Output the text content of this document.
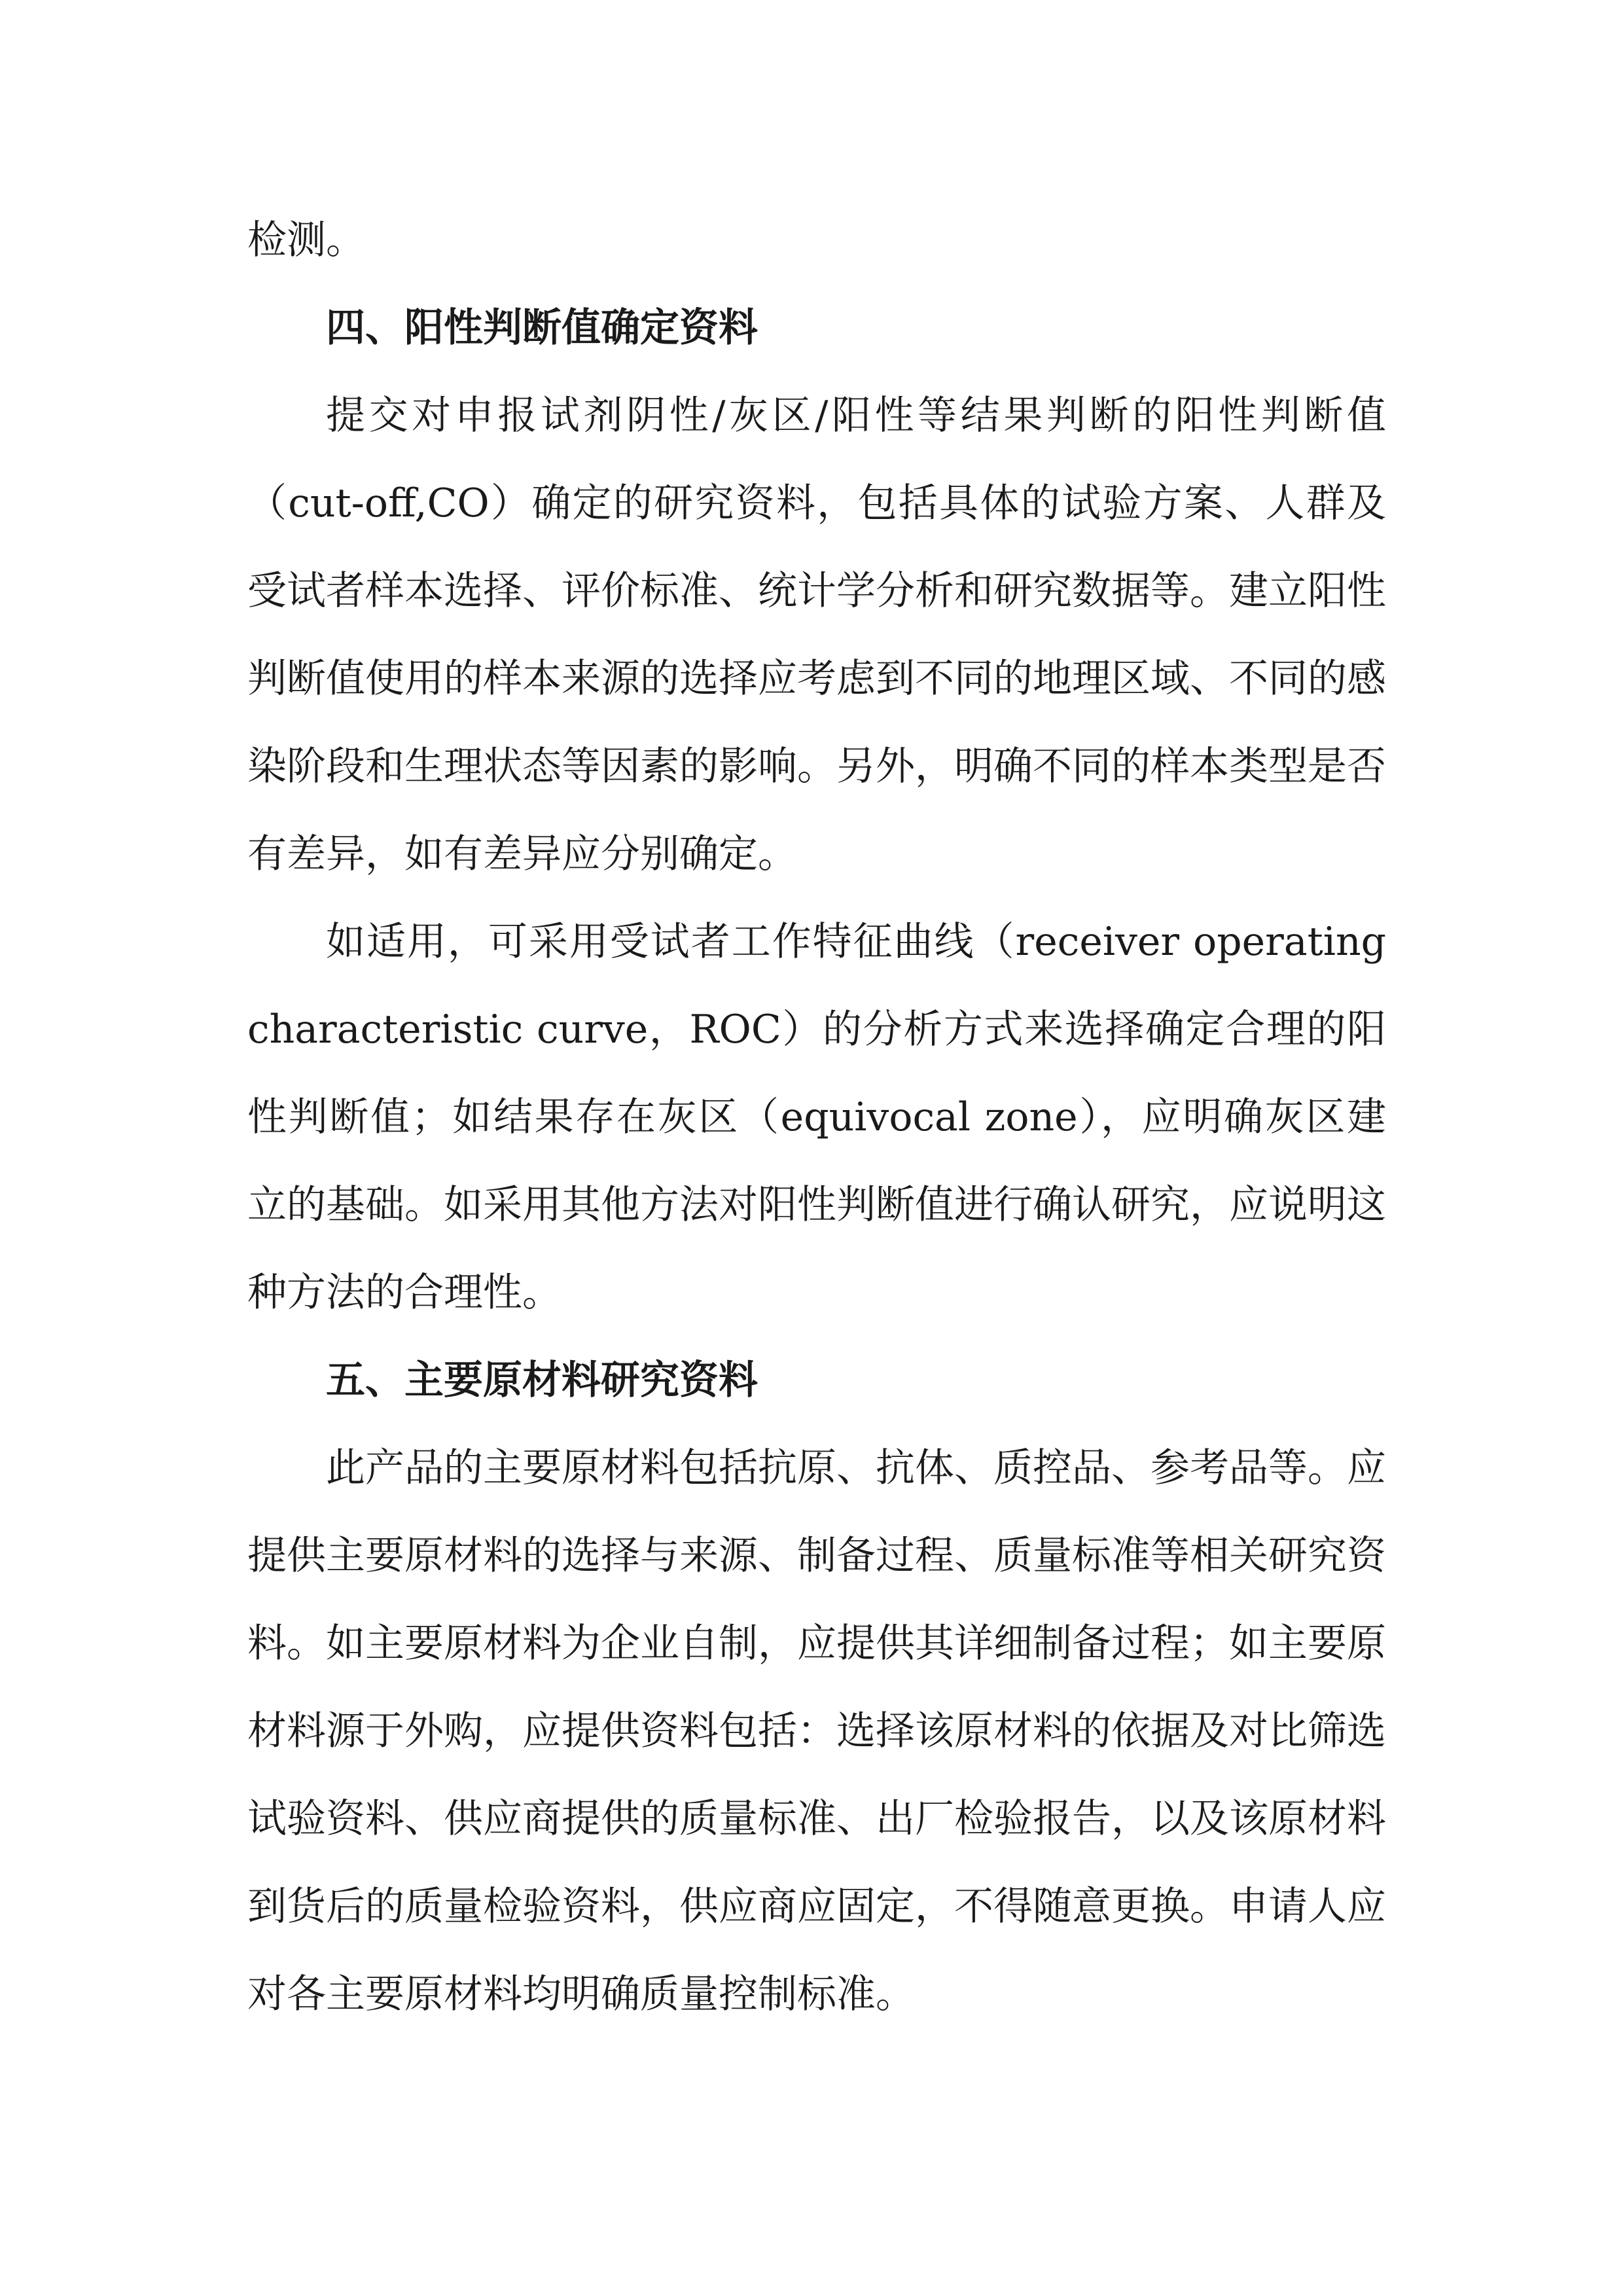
检测。

四、阳性判断值确定资料

提交对申报试剂阴性/灰区/阳性等结果判断的阳性判断值（cut-off,CO）确定的研究资料，包括具体的试验方案、人群及受试者样本选择、评价标准、统计学分析和研究数据等。建立阳性判断值使用的样本来源的选择应考虑到不同的地理区域、不同的感染阶段和生理状态等因素的影响。另外，明确不同的样本类型是否有差异，如有差异应分别确定。

如适用，可采用受试者工作特征曲线（receiver operating characteristic curve，ROC）的分析方式来选择确定合理的阳性判断值；如结果存在灰区（equivocal zone），应明确灰区建立的基础。如采用其他方法对阳性判断值进行确认研究，应说明这种方法的合理性。

五、主要原材料研究资料

此产品的主要原材料包括抗原、抗体、质控品、参考品等。应提供主要原材料的选择与来源、制备过程、质量标准等相关研究资料。如主要原材料为企业自制，应提供其详细制备过程；如主要原材料源于外购，应提供资料包括：选择该原材料的依据及对比筛选试验资料、供应商提供的质量标准、出厂检验报告，以及该原材料到货后的质量检验资料，供应商应固定，不得随意更换。申请人应对各主要原材料均明确质量控制标准。
